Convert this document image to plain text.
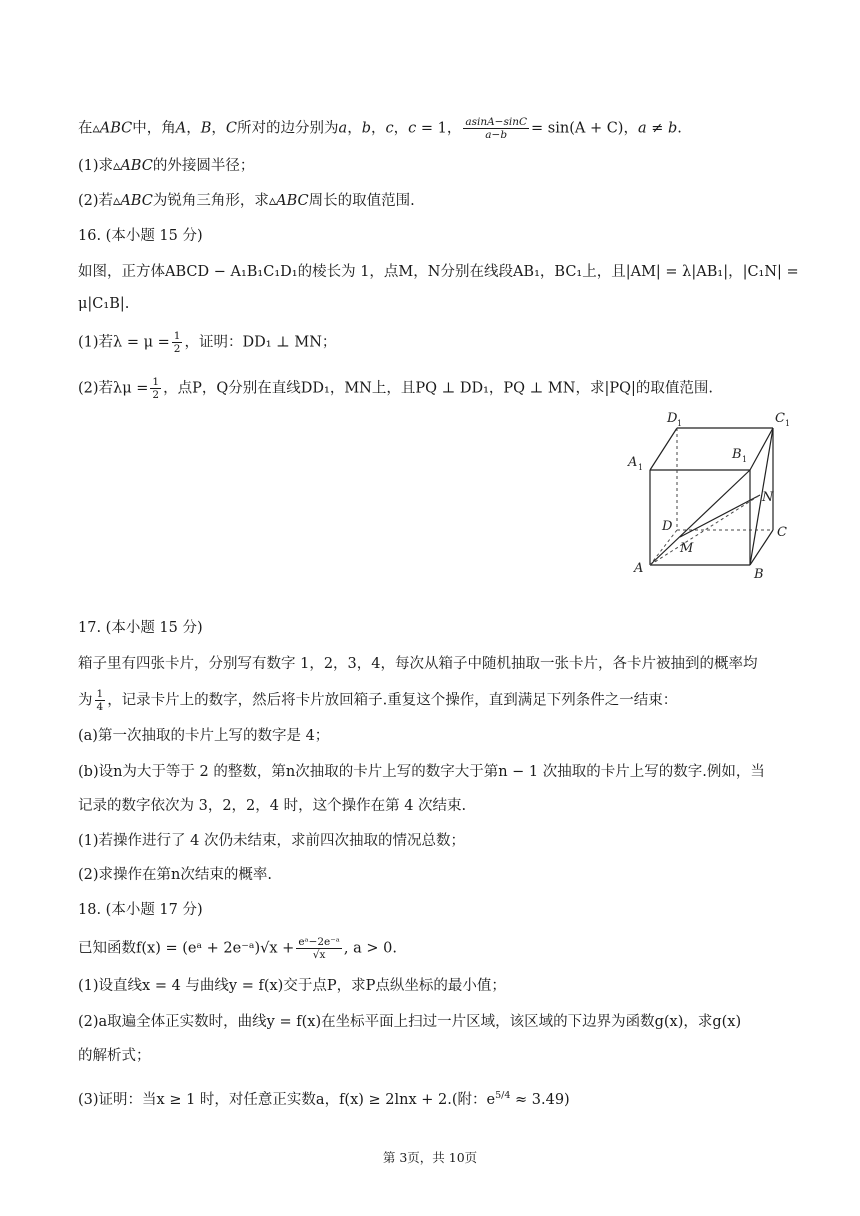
在▵ABC中，角A，B，C所对的边分别为a，b，c，c = 1， $\frac{asinA-\sin C}{a-b} = \sin(A + C)$，a ≠ b.
(1)求▵ABC的外接圆半径；
(2)若▵ABC为锐角三角形，求▵ABC周长的取值范围.
16. (本小题 15 分)
如图，正方体ABCD − A₁B₁C₁D₁的棱长为 1，点M，N分别在线段AB₁，BC₁上，且|AM| = λ|AB₁|，|C₁N| =
μ|C₁B|.
(1)若$\lambda = \mu = \frac{1}{2}$ ，证明：DD₁ ⊥ MN；
(2)若$\lambda\mu = \frac{1}{2}$ ，点P，Q分别在直线DD₁，MN上，且PQ ⊥ DD₁，PQ ⊥ MN，求|PQ|的取值范围.
A	B
C
D
A 1
B 1
C 1
D 1
M
N
17. (本小题 15 分)
箱子里有四张卡片，分别写有数字 1，2，3，4，每次从箱子中随机抽取一张卡片，各卡片被抽到的概率均
为 $\frac{1}{4}$ ，记录卡片上的数字，然后将卡片放回箱子.重复这个操作，直到满足下列条件之一结束：
(a)第一次抽取的卡片上写的数字是 4；
(b)设n为大于等于 2 的整数，第n次抽取的卡片上写的数字大于第n − 1 次抽取的卡片上写的数字.例如，当
记录的数字依次为 3，2，2，4 时，这个操作在第 4 次结束.
(1)若操作进行了 4 次仍未结束，求前四次抽取的情况总数；
(2)求操作在第n次结束的概率.
18. (本小题 17 分)
已知函数f(x) = (eᵃ + 2e⁻ᵃ)√x + $\frac{\text{eᵃ−2e⁻ᵃ}}{√x}$ , a > 0.
(1)设直线x = 4 与曲线y = f(x)交于点P，求P点纵坐标的最小值；
(2)a取遍全体正实数时，曲线y = f(x)在坐标平面上扫过一片区域，该区域的下边界为函数g(x)，求g(x)
的解析式；
(3)证明：当x ≥ 1 时，对任意正实数a，f(x) ≥ 2lnx + 2.(附：$e^{5/4} \approx 3.49$)
第 3页，共 10页
